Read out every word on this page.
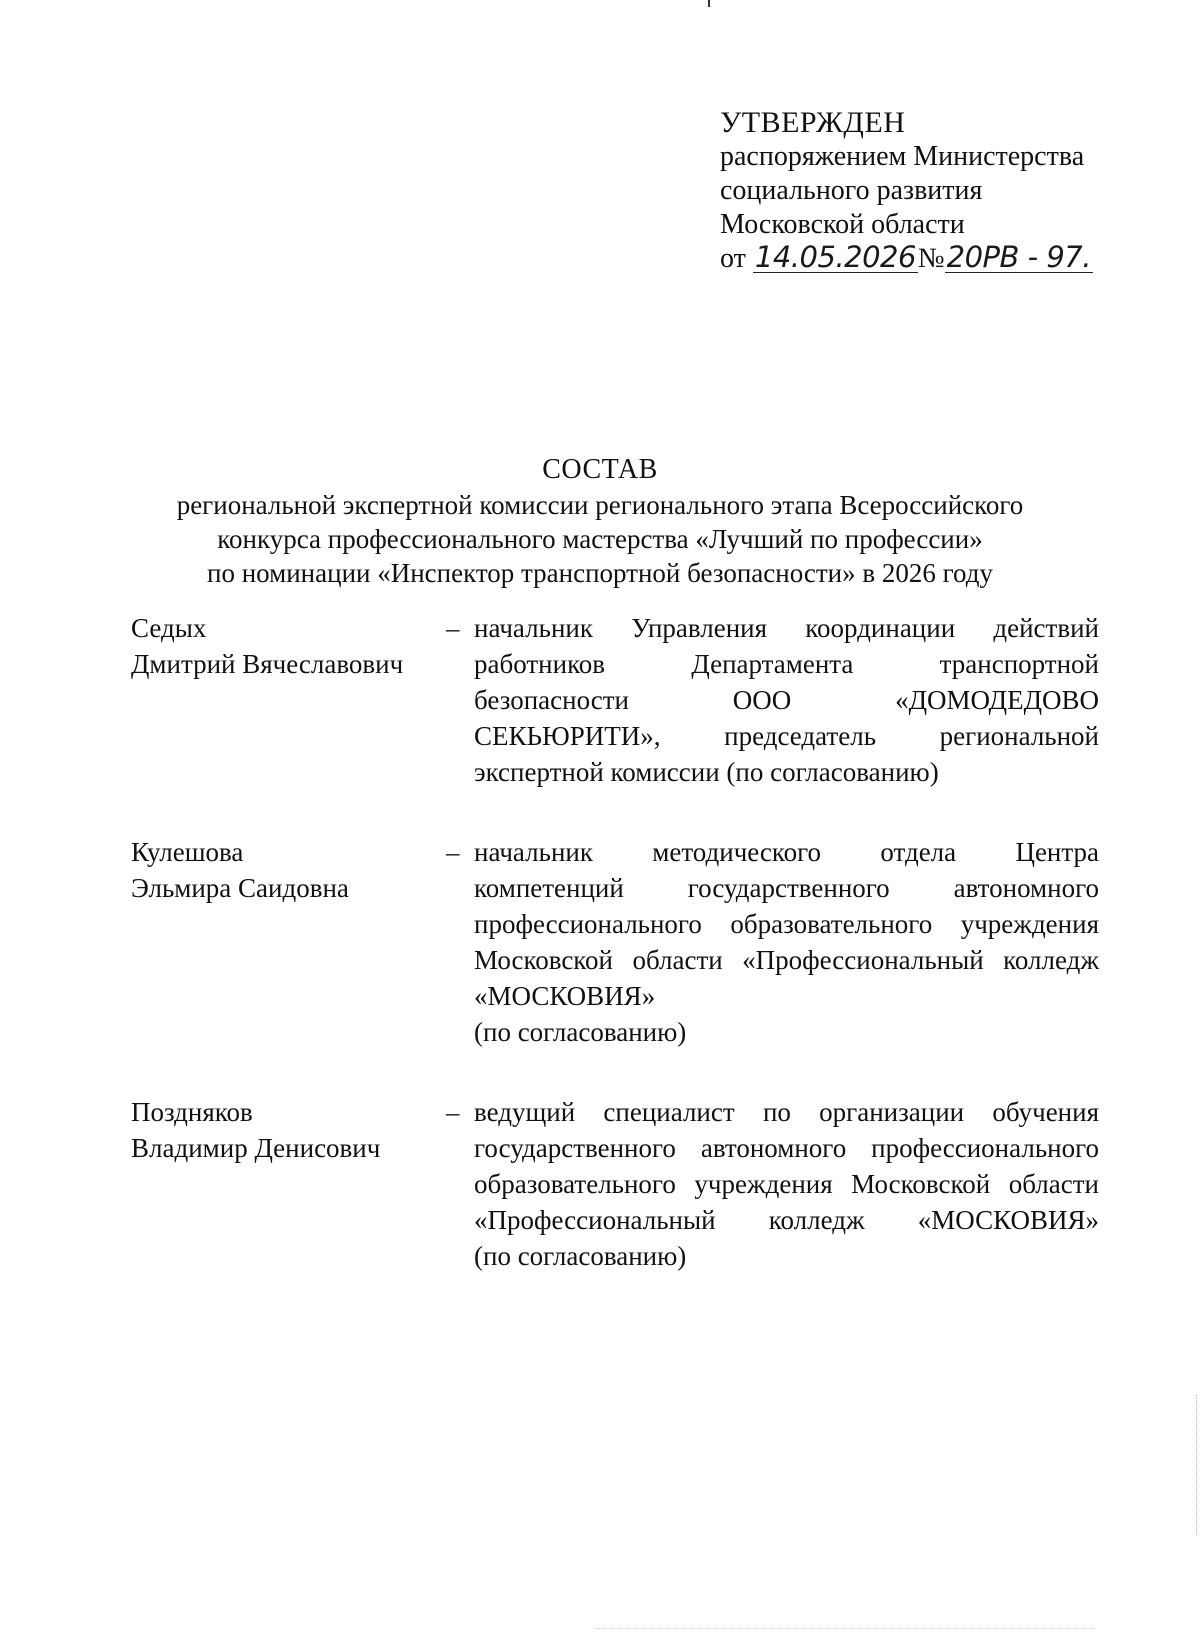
УТВЕРЖДЕН
распоряжением Министерства
социального развития
Московской области
от 14.05.2026№20РВ - 97.
СОСТАВ

региональной экспертной комиссии регионального этапа Всероссийского

конкурса профессионального мастерства «Лучший по профессии»

по номинации «Инспектор транспортной безопасности» в 2026 году

Седых
Дмитрий Вячеславович
– начальник Управления координации действий

работников Департамента транспортной

безопасности ООО «ДОМОДЕДОВО

СЕКЬЮРИТИ», председатель региональной

экспертной комиссии (по согласованию)

Кулешова
Эльмира Саидовна
– начальник методического отдела Центра

компетенций государственного автономного

профессионального образовательного учреждения

Московской области «Профессиональный колледж

«МОСКОВИЯ»

(по согласованию)

Поздняков
Владимир Денисович
– ведущий специалист по организации обучения

государственного автономного профессионального

образовательного учреждения Московской области

«Профессиональный колледж «МОСКОВИЯ»

(по согласованию)
